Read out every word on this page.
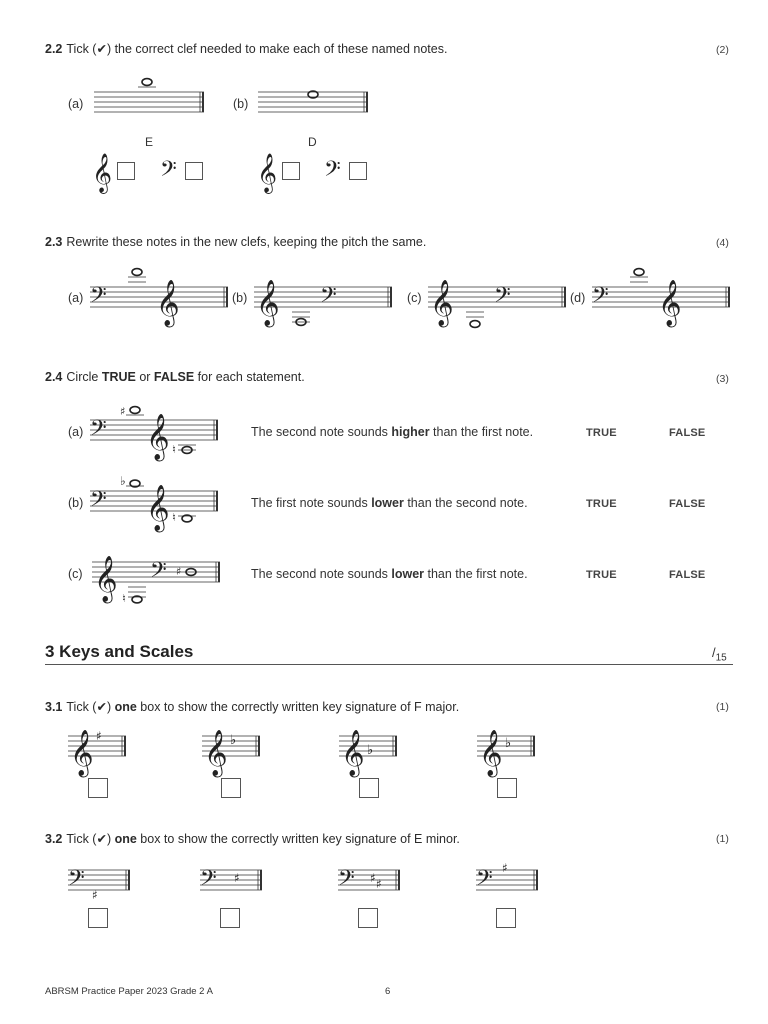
2.2 Tick (✔) the correct clef needed to make each of these named notes.	(2)
(a)	(b)
E	D
𝄞 𝄢 𝄞 𝄢
2.3 Rewrite these notes in the new clefs, keeping the pitch the same.	(4)
(a) 𝄢 𝄞	(b) 𝄞 𝄢	(c) 𝄞 𝄢	(d) 𝄢 𝄞
2.4 Circle TRUE or FALSE for each statement.	(3)
(a) 𝄢
♯
𝄞 ♮
The second note sounds higher than the first note.	TRUE	FALSE
(b) 𝄢
♭
𝄞 ♮
The first note sounds lower than the second note.	TRUE	FALSE
(c) 𝄞 ♮
𝄢 ♯	The second note sounds lower than the first note.	TRUE	FALSE
3 Keys and Scales	$/_{15}$
3.1 Tick (✔) one box to show the correctly written key signature of F major.	(1)
𝄞 ♯	𝄞 ♭	𝄞 ♭	𝄞 ♭
3.2 Tick (✔) one box to show the correctly written key signature of E minor.	(1)
𝄢 ♯	𝄢 ♯	𝄢 ♯ ♯	𝄢 ♯
ABRSM Practice Paper 2023 Grade 2 A	6
